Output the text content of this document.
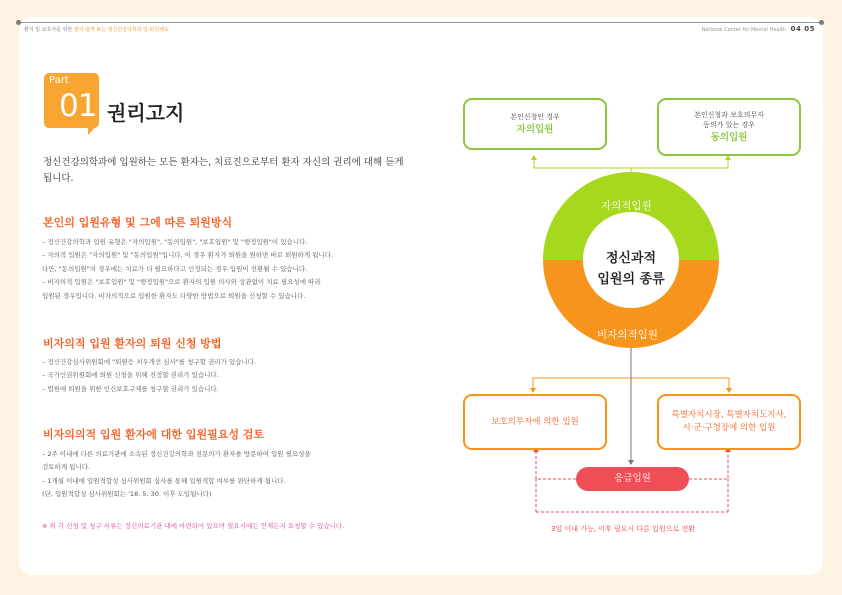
환자 및 보호자를 위한 알기 쉽게 보는 정신건강의학과 입·퇴원제도	National Center for Mental Health 04 05
Part
01 권리고지
정신건강의학과에 입원하는 모든 환자는, 치료진으로부터 환자 자신의 권리에 대해 듣게 됩니다.
본인의 입원유형 및 그에 따른 퇴원방식
– 정신건강의학과 입원 유형은 "자의입원", "동의입원", "보호입원" 및 "행정입원"이 있습니다.
– 자의적 입원은 "자의입원" 및 "동의입원"입니다. 이 경우 환자가 퇴원을 원하면 바로 퇴원하게 됩니다.
다만, "동의입원"의 경우에는 치료가 더 필요하다고 인정되는 경우 입원이 전환될 수 있습니다.
– 비자의적 입원은 "보호입원" 및 "행정입원"으로 환자의 입원 의사와 상관없이 치료 필요성에 따라
입원된 경우입니다. 비자의적으로 입원한 환자도 다양한 방법으로 퇴원을 신청할 수 있습니다.
비자의적 입원 환자의 퇴원 신청 방법
– 정신건강심사위원회에 "퇴원등 처우개선 심사"를 청구할 권리가 있습니다.
– 국가인권위원회에 퇴원 신청을 위해 진정할 권리가 있습니다.
– 법원에 퇴원을 위한 인신보호구제를 청구할 권리가 있습니다.
비자의의적 입원 환자에 대한 입원필요성 검토
– 2주 이내에 다른 의료기관에 소속된 정신건강의학과 전문의가 환자를 방문하여 입원 필요성을
검토하게 됩니다.
– 1개월 이내에 입원적합성 심사위원회 심사를 통해 입원적합 여부를 판단하게 됩니다.
(단, 입원적합성 심사위원회는 '18. 5. 30. 이후 도입됩니다)
※ 위 각 신청 및 청구 서류는 정신의료기관 내에 마련되어 있으며 필요시에는 언제든지 요청할 수 있습니다.
본인신청인 경우
자의입원
본인신청과 보호의무자
동의가 있는 경우
동의입원
자의적입원
비자의적입원
정신과적
입원의 종류
보호의무자에 의한 입원
특별자치시장, 특별자치도지사,
시·군·구청장에 의한 입원
응급입원
3일 이내 가능, 이후 필요시 다른 입원으로 전환
